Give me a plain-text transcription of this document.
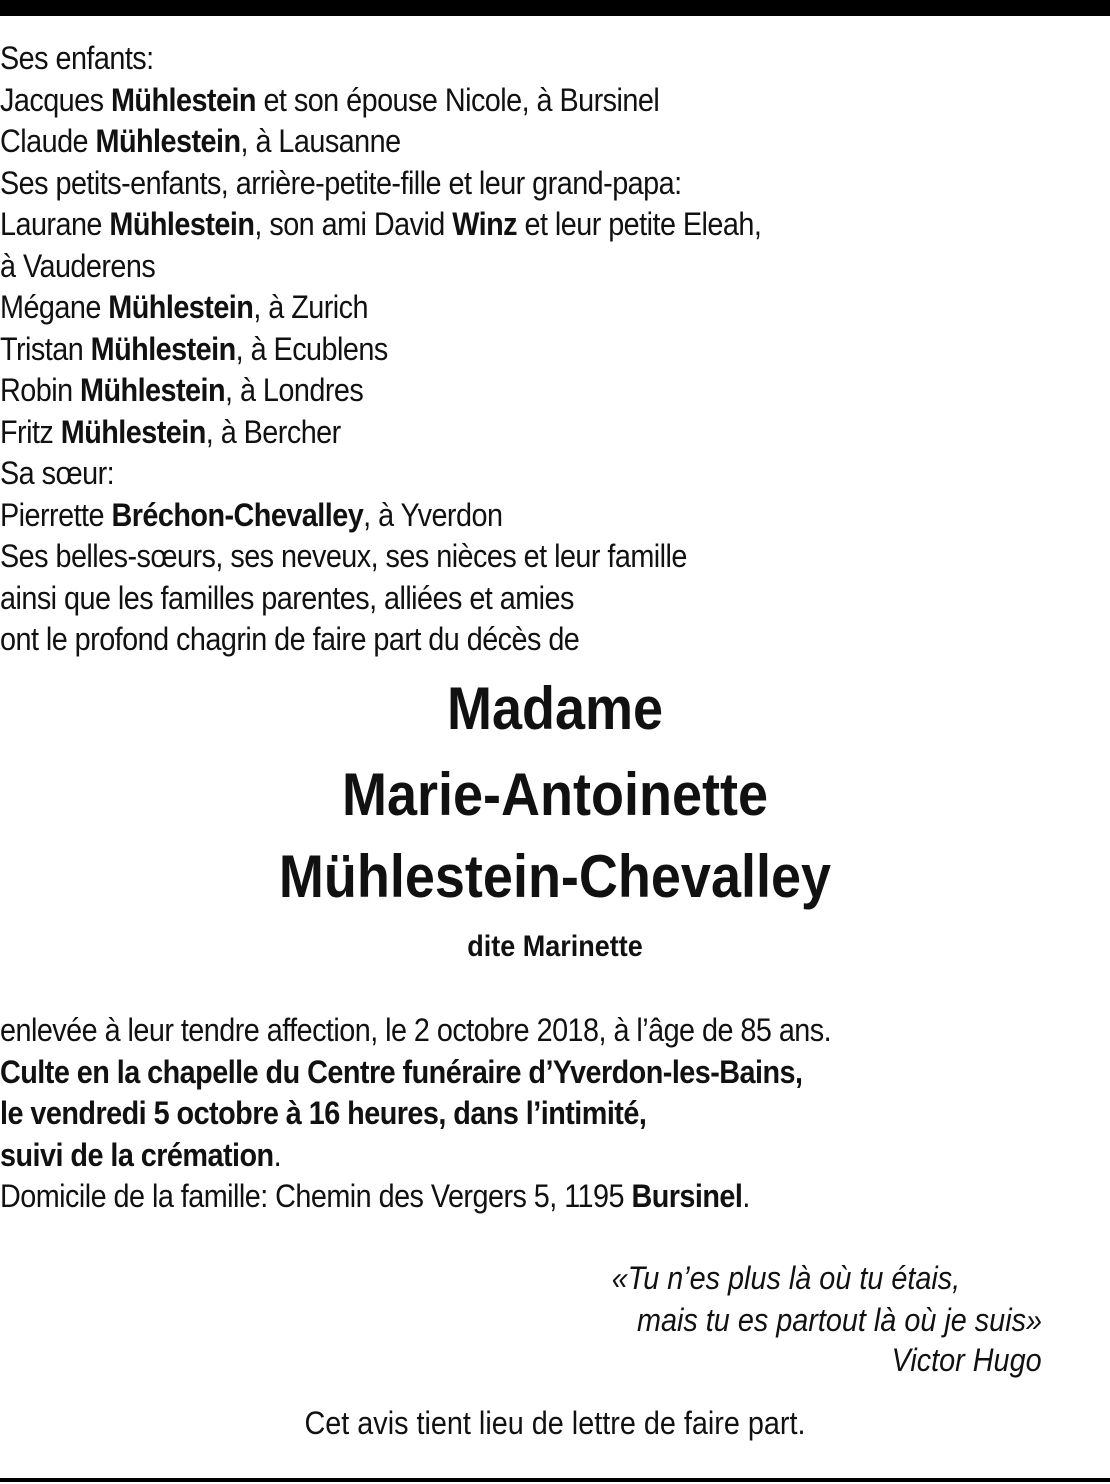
Ses enfants:
Jacques Mühlestein et son épouse Nicole, à Bursinel
Claude Mühlestein, à Lausanne
Ses petits-enfants, arrière-petite-fille et leur grand-papa:
Laurane Mühlestein, son ami David Winz et leur petite Eleah,
à Vauderens
Mégane Mühlestein, à Zurich
Tristan Mühlestein, à Ecublens
Robin Mühlestein, à Londres
Fritz Mühlestein, à Bercher
Sa sœur:
Pierrette Bréchon-Chevalley, à Yverdon
Ses belles-sœurs, ses neveux, ses nièces et leur famille
ainsi que les familles parentes, alliées et amies
ont le profond chagrin de faire part du décès de
Madame
Marie-Antoinette
Mühlestein-Chevalley
dite Marinette
enlevée à leur tendre affection, le 2 octobre 2018, à l’âge de 85 ans.
Culte en la chapelle du Centre funéraire d’Yverdon-les-Bains,
le vendredi 5 octobre à 16 heures, dans l’intimité,
suivi de la crémation.
Domicile de la famille: Chemin des Vergers 5, 1195 Bursinel.
«Tu n’es plus là où tu étais,
mais tu es partout là où je suis»
Victor Hugo
Cet avis tient lieu de lettre de faire part.
